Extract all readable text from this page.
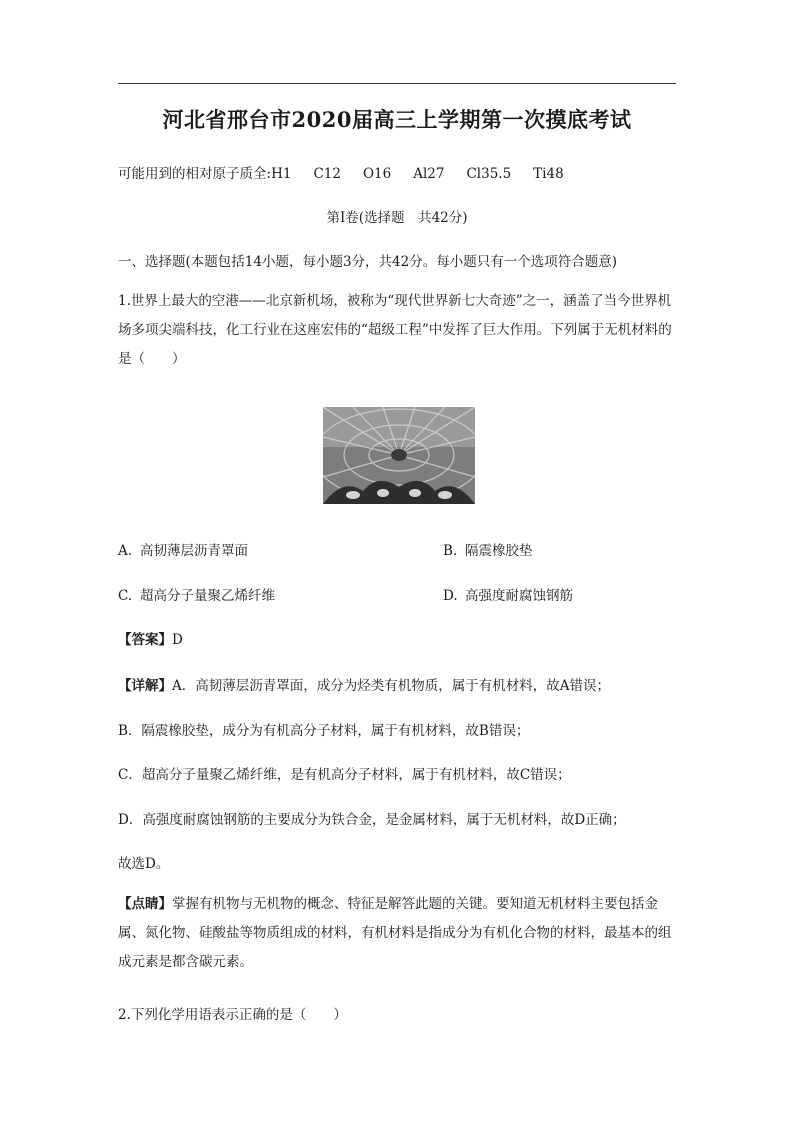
河北省邢台市2020届高三上学期第一次摸底考试
可能用到的相对原子质全:H1 C12 O16 Al27 Cl35.5 Ti48
第Ⅰ卷(选择题　共42分)
一、选择题(本题包括14小题，每小题3分，共42分。每小题只有一个选项符合题意)
1.世界上最大的空港——北京新机场，被称为“现代世界新七大奇迹”之一，涵盖了当今世界机场多项尖端科技，化工行业在这座宏伟的“超级工程”中发挥了巨大作用。下列属于无机材料的是（　　）
A. 高韧薄层沥青罩面	B. 隔震橡胶垫
C. 超高分子量聚乙烯纤维	D. 高强度耐腐蚀钢筋
【答案】D
【详解】A．高韧薄层沥青罩面，成分为烃类有机物质，属于有机材料，故A错误；
B．隔震橡胶垫，成分为有机高分子材料，属于有机材料，故B错误；
C．超高分子量聚乙烯纤维，是有机高分子材料，属于有机材料，故C错误；
D．高强度耐腐蚀钢筋的主要成分为铁合金，是金属材料，属于无机材料，故D正确；
故选D。
【点睛】掌握有机物与无机物的概念、特征是解答此题的关键。要知道无机材料主要包括金属、氮化物、硅酸盐等物质组成的材料，有机材料是指成分为有机化合物的材料，最基本的组成元素是都含碳元素。
2.下列化学用语表示正确的是（　　）
